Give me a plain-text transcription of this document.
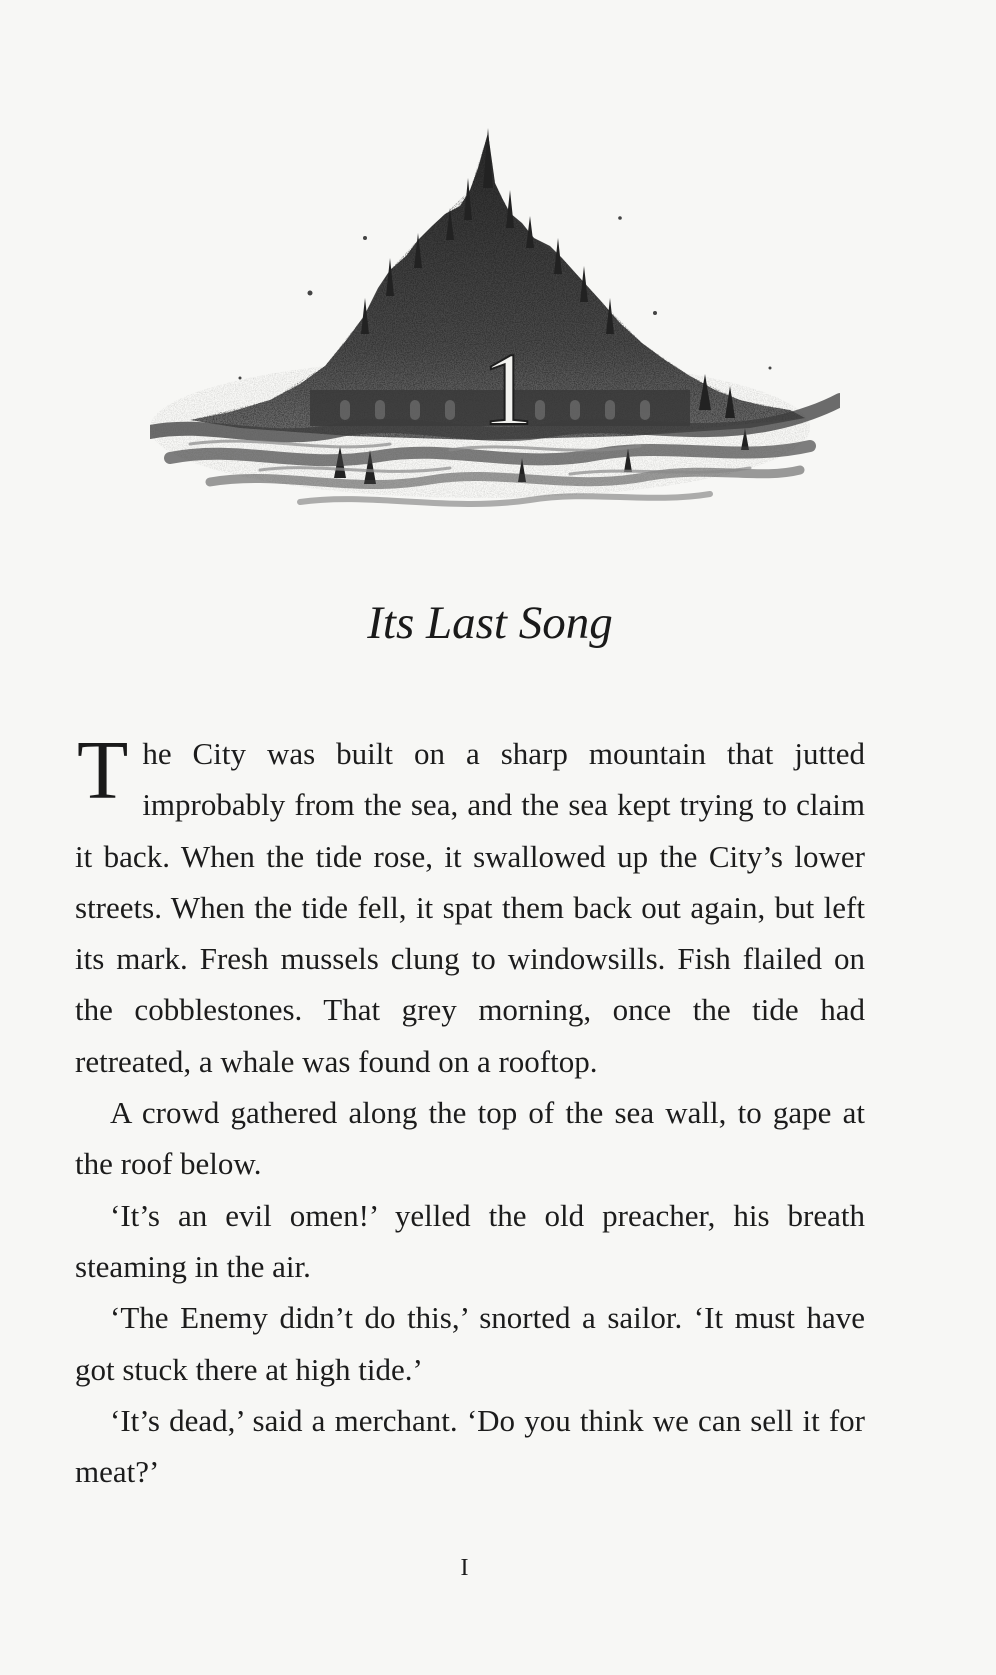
1
Its Last Song

The City was built on a sharp mountain that jutted improbably from the sea, and the sea kept trying to claim it back. When the tide rose, it swallowed up the City’s lower streets. When the tide fell, it spat them back out again, but left its mark. Fresh mussels clung to windowsills. Fish flailed on the cobblestones. That grey morning, once the tide had retreated, a whale was found on a rooftop.

A crowd gathered along the top of the sea wall, to gape at the roof below.

‘It’s an evil omen!’ yelled the old preacher, his breath steaming in the air.

‘The Enemy didn’t do this,’ snorted a sailor. ‘It must have got stuck there at high tide.’

‘It’s dead,’ said a merchant. ‘Do you think we can sell it for meat?’

I
